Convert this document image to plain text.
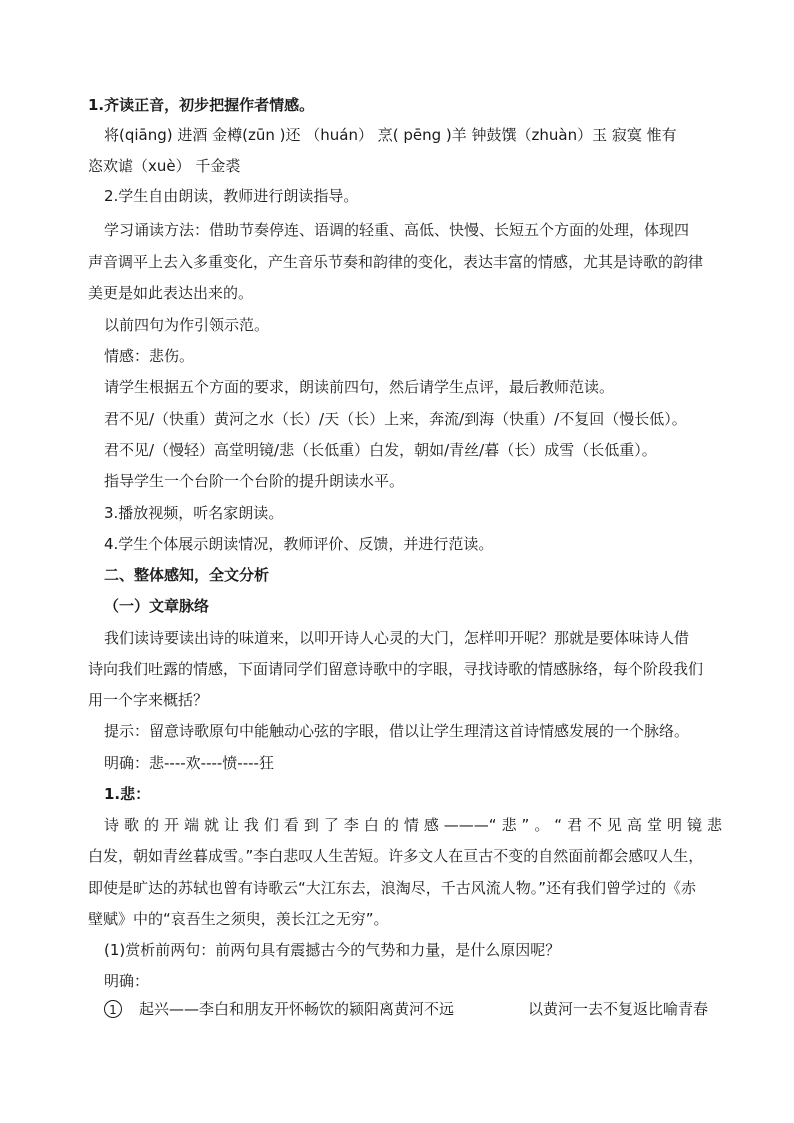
1.齐读正音，初步把握作者情感。

将(qiāng) 进酒 金樽(zūn )还 （huán） 烹( pēng )羊 钟鼓馔（zhuàn）玉 寂寞 惟有

恣欢谑（xuè） 千金裘

2.学生自由朗读，教师进行朗读指导。

学习诵读方法：借助节奏停连、语调的轻重、高低、快慢、长短五个方面的处理，体现四

声音调平上去入多重变化，产生音乐节奏和韵律的变化，表达丰富的情感，尤其是诗歌的韵律

美更是如此表达出来的。

以前四句为作引领示范。

情感：悲伤。

请学生根据五个方面的要求，朗读前四句，然后请学生点评，最后教师范读。

君不见/（快重）黄河之水（长）/天（长）上来，奔流/到海（快重）/不复回（慢长低）。

君不见/（慢轻）高堂明镜/悲（长低重）白发，朝如/青丝/暮（长）成雪（长低重）。

指导学生一个台阶一个台阶的提升朗读水平。

3.播放视频，听名家朗读。

4.学生个体展示朗读情况，教师评价、反馈，并进行范读。

二、整体感知，全文分析

（一）文章脉络

我们读诗要读出诗的味道来，以叩开诗人心灵的大门，怎样叩开呢？那就是要体味诗人借

诗向我们吐露的情感，下面请同学们留意诗歌中的字眼，寻找诗歌的情感脉络，每个阶段我们

用一个字来概括？

提示：留意诗歌原句中能触动心弦的字眼，借以让学生理清这首诗情感发展的一个脉络。

明确：悲----欢----愤----狂

1.悲：

诗歌的开端就让我们看到了李白的情感———“悲”。“君不见高堂明镜悲

白发，朝如青丝暮成雪。”李白悲叹人生苦短。许多文人在亘古不变的自然面前都会感叹人生，

即使是旷达的苏轼也曾有诗歌云“大江东去，浪淘尽，千古风流人物。”还有我们曾学过的《赤

壁赋》中的“哀吾生之须臾，羡长江之无穷”。

(1)赏析前两句：前两句具有震撼古今的气势和力量，是什么原因呢？

明确：

1	起兴——李白和朋友开怀畅饮的颍阳离黄河不远	以黄河一去不复返比喻青春
